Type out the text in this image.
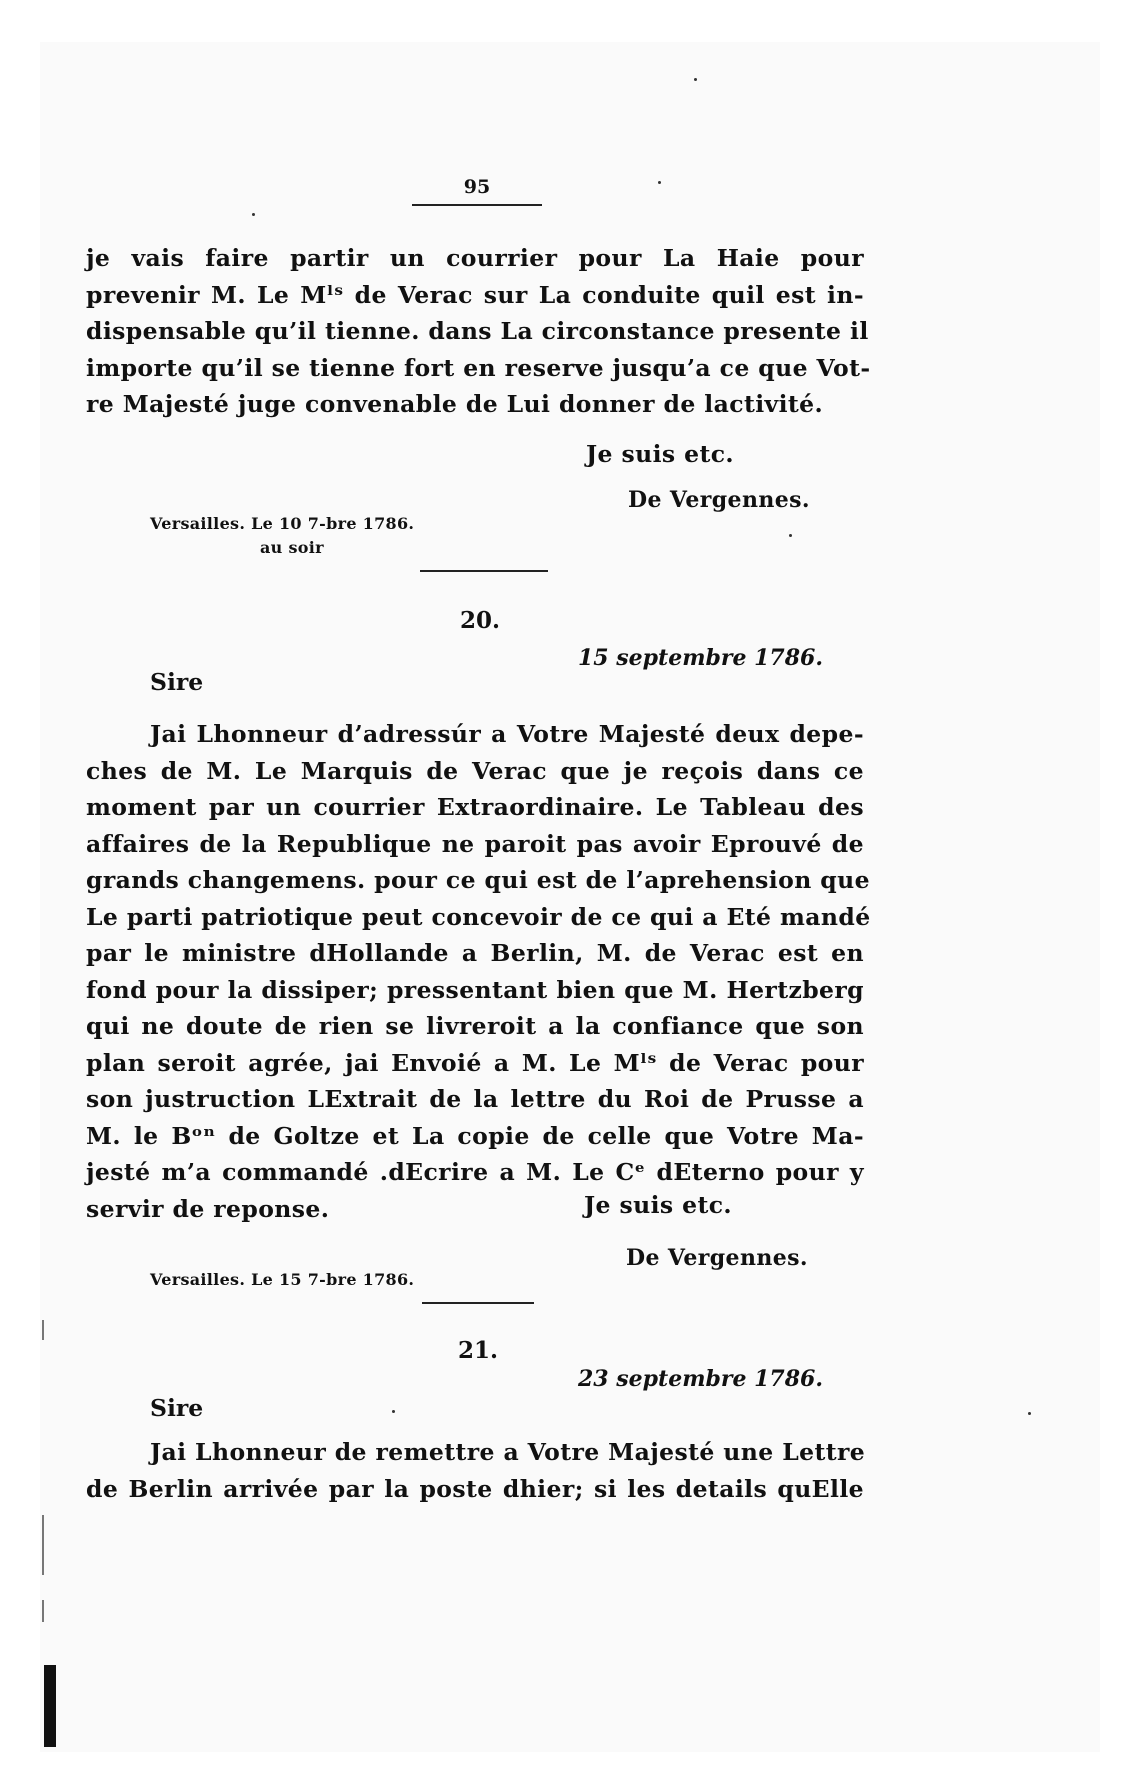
95
je vais faire partir un courrier pour La Haie pour
prevenir M. Le Mˡˢ de Verac sur La conduite quil est in-
dispensable qu’il tienne. dans La circonstance presente il
importe qu’il se tienne fort en reserve jusqu’a ce que Vot-
re Majesté juge convenable de Lui donner de lactivité.
Je suis etc.
De Vergennes.
Versailles. Le 10 7-bre 1786.
au soir
20.
15 septembre 1786.
Sire
Jai Lhonneur d’adressúr a Votre Majesté deux depe-
ches de M. Le Marquis de Verac que je reçois dans ce
moment par un courrier Extraordinaire. Le Tableau des
affaires de la Republique ne paroit pas avoir Eprouvé de
grands changemens. pour ce qui est de l’aprehension que
Le parti patriotique peut concevoir de ce qui a Eté mandé
par le ministre dHollande a Berlin, M. de Verac est en
fond pour la dissiper; pressentant bien que M. Hertzberg
qui ne doute de rien se livreroit a la confiance que son
plan seroit agrée, jai Envoié a M. Le Mˡˢ de Verac pour
son justruction LExtrait de la lettre du Roi de Prusse a
M. le Bᵒⁿ de Goltze et La copie de celle que Votre Ma-
jesté m’a commandé .dEcrire a M. Le Cᵉ dEterno pour y
servir de reponse.	Je suis etc.
De Vergennes.
Versailles. Le 15 7-bre 1786.
21.
23 septembre 1786.
Sire
Jai Lhonneur de remettre a Votre Majesté une Lettre
de Berlin arrivée par la poste dhier; si les details quElle
